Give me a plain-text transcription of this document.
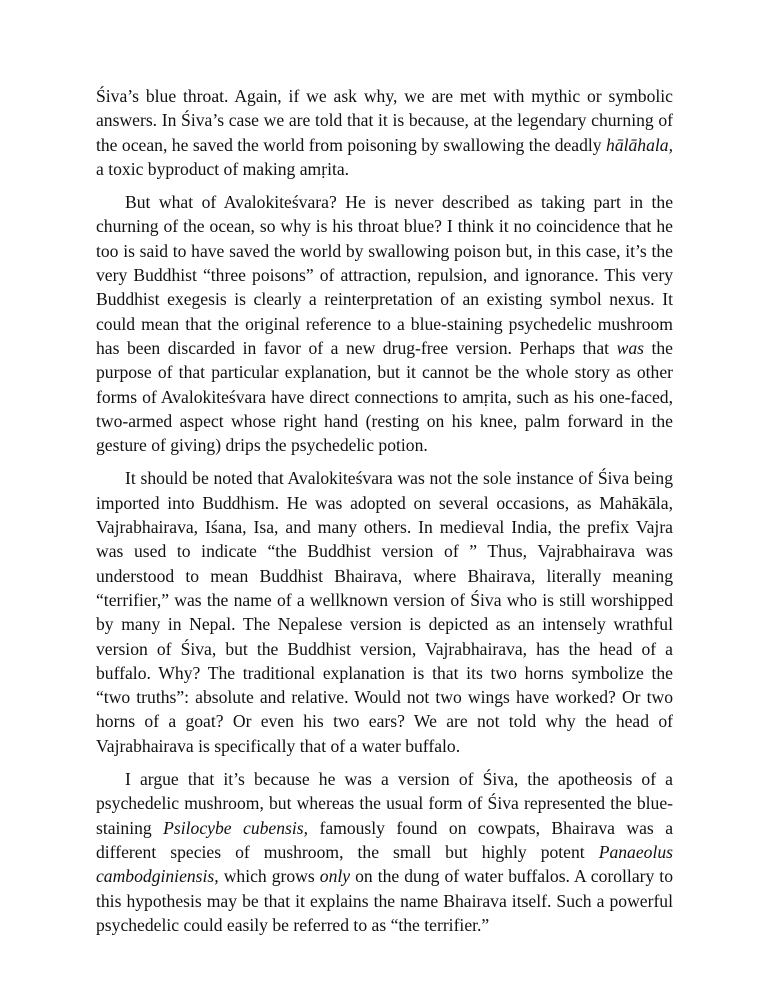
Śiva’s blue throat. Again, if we ask why, we are met with mythic or symbolic answers. In Śiva’s case we are told that it is because, at the legendary churning of the ocean, he saved the world from poisoning by swallowing the deadly hālāhala, a toxic byproduct of making amṛita.

But what of Avalokiteśvara? He is never described as taking part in the churning of the ocean, so why is his throat blue? I think it no coincidence that he too is said to have saved the world by swallowing poison but, in this case, it’s the very Buddhist “three poisons” of attraction, repulsion, and ignorance. This very Buddhist exegesis is clearly a reinterpretation of an existing symbol nexus. It could mean that the original reference to a blue-staining psychedelic mushroom has been discarded in favor of a new drug-free version. Perhaps that was the purpose of that particular explanation, but it cannot be the whole story as other forms of Avalokiteśvara have direct connections to amṛita, such as his one-faced, two-armed aspect whose right hand (resting on his knee, palm forward in the gesture of giving) drips the psychedelic potion.

It should be noted that Avalokiteśvara was not the sole instance of Śiva being imported into Buddhism. He was adopted on several occasions, as Mahākāla, Vajrabhairava, Iśana, Isa, and many others. In medieval India, the prefix Vajra was used to indicate “the Buddhist version of ” Thus, Vajrabhairava was understood to mean Buddhist Bhairava, where Bhairava, literally meaning “terrifier,” was the name of a wellknown version of Śiva who is still worshipped by many in Nepal. The Nepalese version is depicted as an intensely wrathful version of Śiva, but the Buddhist version, Vajrabhairava, has the head of a buffalo. Why? The traditional explanation is that its two horns symbolize the “two truths”: absolute and relative. Would not two wings have worked? Or two horns of a goat? Or even his two ears? We are not told why the head of Vajrabhairava is specifically that of a water buffalo.

I argue that it’s because he was a version of Śiva, the apotheosis of a psychedelic mushroom, but whereas the usual form of Śiva represented the blue-staining Psilocybe cubensis, famously found on cowpats, Bhairava was a different species of mushroom, the small but highly potent Panaeolus cambodginiensis, which grows only on the dung of water buffalos. A corollary to this hypothesis may be that it explains the name Bhairava itself. Such a powerful psychedelic could easily be referred to as “the terrifier.”
